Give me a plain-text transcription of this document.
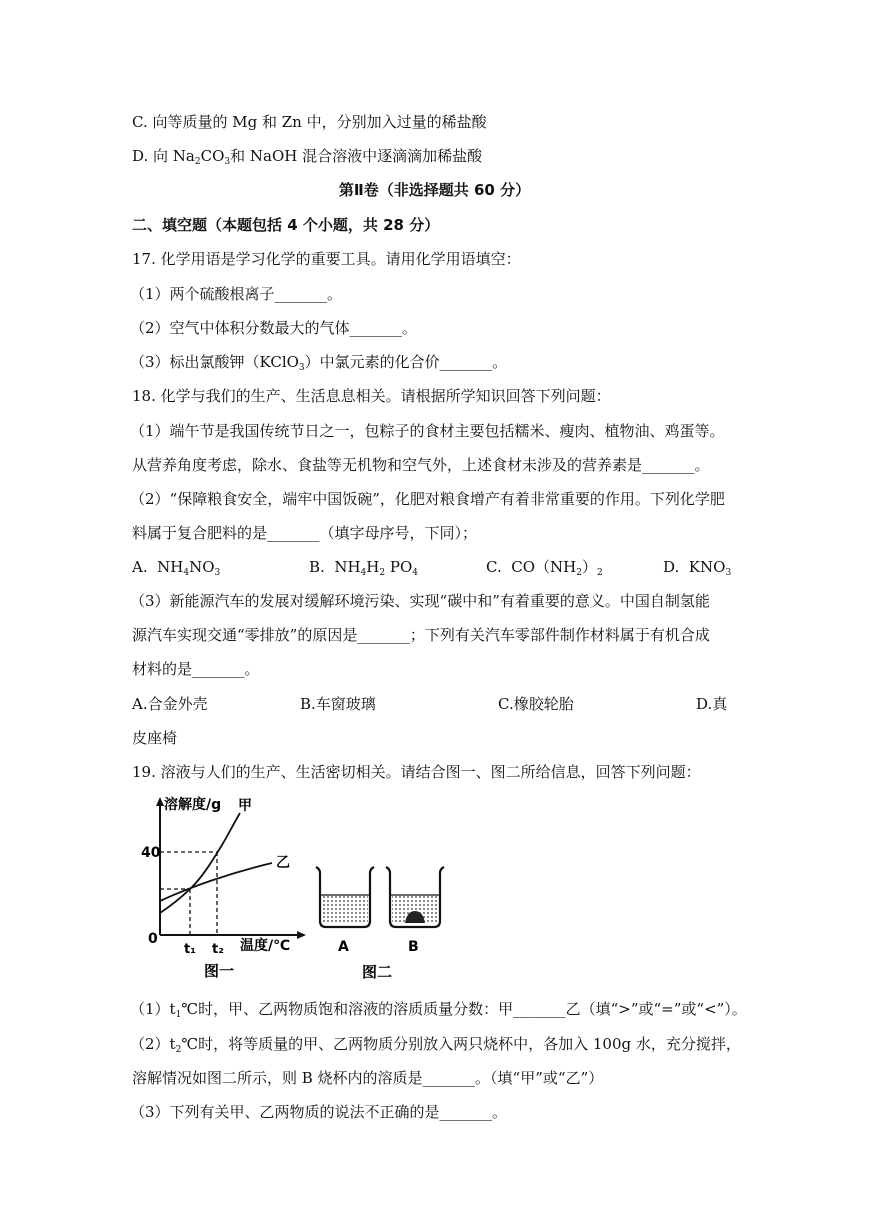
C. 向等质量的 Mg 和 Zn 中，分别加入过量的稀盐酸
D. 向 $Na_2CO_3$和 NaOH 混合溶液中逐滴滴加稀盐酸
第Ⅱ卷（非选择题共 60 分）
二、填空题（本题包括 4 个小题，共 28 分）
17. 化学用语是学习化学的重要工具。请用化学用语填空：
（1）两个硫酸根离子_______。
（2）空气中体积分数最大的气体_______。
（3）标出氯酸钾（KClO$_3$）中氯元素的化合价_______。
18. 化学与我们的生产、生活息息相关。请根据所学知识回答下列问题：
（1）端午节是我国传统节日之一，包粽子的食材主要包括糯米、瘦肉、植物油、鸡蛋等。
从营养角度考虑，除水、食盐等无机物和空气外，上述食材未涉及的营养素是_______。
（2）“保障粮食安全，端牢中国饭碗”，化肥对粮食增产有着非常重要的作用。下列化学肥
料属于复合肥料的是_______（填字母序号，下同）；
A.  $NH_4NO_3$	B.  $NH_4H_2$ $PO_4$	C.  $CO(NH_2)_2$	D.  $KNO_3$
（3）新能源汽车的发展对缓解环境污染、实现“碳中和”有着重要的意义。中国自制氢能
源汽车实现交通“零排放”的原因是_______；下列有关汽车零部件制作材料属于有机合成
材料的是_______。
A.合金外壳	B.车窗玻璃	C.橡胶轮胎	D.真
皮座椅
19. 溶液与人们的生产、生活密切相关。请结合图一、图二所给信息，回答下列问题：
溶解度/g 甲
乙
40
0
t₁ t₂ 温度/℃
图一
A	B
图二
$(1)t_1℃$时，甲、乙两物质饱和溶液的溶质质量分数：甲_______乙（填“>”或“=”或“<”）。
$(2)t_2℃$时，将等质量的甲、乙两物质分别放入两只烧杯中，各加入 100g 水，充分搅拌，
溶解情况如图二所示，则 B 烧杯内的溶质是_______。（填“甲”或“乙”）
（3）下列有关甲、乙两物质的说法不正确的是_______。
